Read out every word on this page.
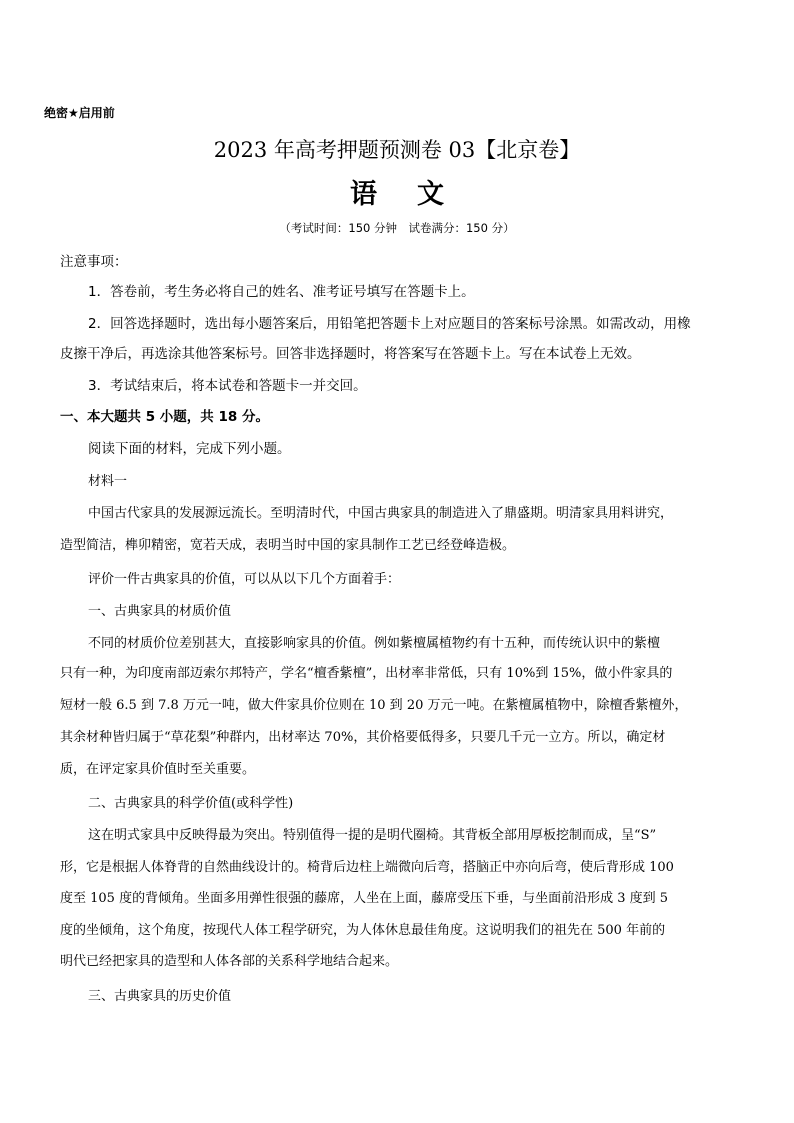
绝密★启用前
2023 年高考押题预测卷 03【北京卷】
语 文
（考试时间：150 分钟　试卷满分：150 分）
注意事项：
1．答卷前，考生务必将自己的姓名、准考证号填写在答题卡上。
2．回答选择题时，选出每小题答案后，用铅笔把答题卡上对应题目的答案标号涂黑。如需改动，用橡
皮擦干净后，再选涂其他答案标号。回答非选择题时，将答案写在答题卡上。写在本试卷上无效。
3．考试结束后，将本试卷和答题卡一并交回。
一、本大题共 5 小题，共 18 分。
阅读下面的材料，完成下列小题。
材料一
中国古代家具的发展源远流长。至明清时代，中国古典家具的制造进入了鼎盛期。明清家具用料讲究，
造型简洁，榫卯精密，宽若天成，表明当时中国的家具制作工艺已经登峰造极。
评价一件古典家具的价值，可以从以下几个方面着手：
一、古典家具的材质价值
不同的材质价位差别甚大，直接影响家具的价值。例如紫檀属植物约有十五种，而传统认识中的紫檀
只有一种，为印度南部迈索尔邦特产，学名“檀香紫檀”，出材率非常低，只有 10%到 15%，做小件家具的
短材一般 6.5 到 7.8 万元一吨，做大件家具价位则在 10 到 20 万元一吨。在紫檀属植物中，除檀香紫檀外，
其余材种皆归属于“草花梨”种群内，出材率达 70%，其价格要低得多，只要几千元一立方。所以，确定材
质，在评定家具价值时至关重要。
二、古典家具的科学价值(或科学性)
这在明式家具中反映得最为突出。特别值得一提的是明代圈椅。其背板全部用厚板挖制而成，呈“S”
形，它是根据人体脊背的自然曲线设计的。椅背后边柱上端微向后弯，搭脑正中亦向后弯，使后背形成 100
度至 105 度的背倾角。坐面多用弹性很强的藤席，人坐在上面，藤席受压下垂，与坐面前沿形成 3 度到 5
度的坐倾角，这个角度，按现代人体工程学研究，为人体休息最佳角度。这说明我们的祖先在 500 年前的
明代已经把家具的造型和人体各部的关系科学地结合起来。
三、古典家具的历史价值
